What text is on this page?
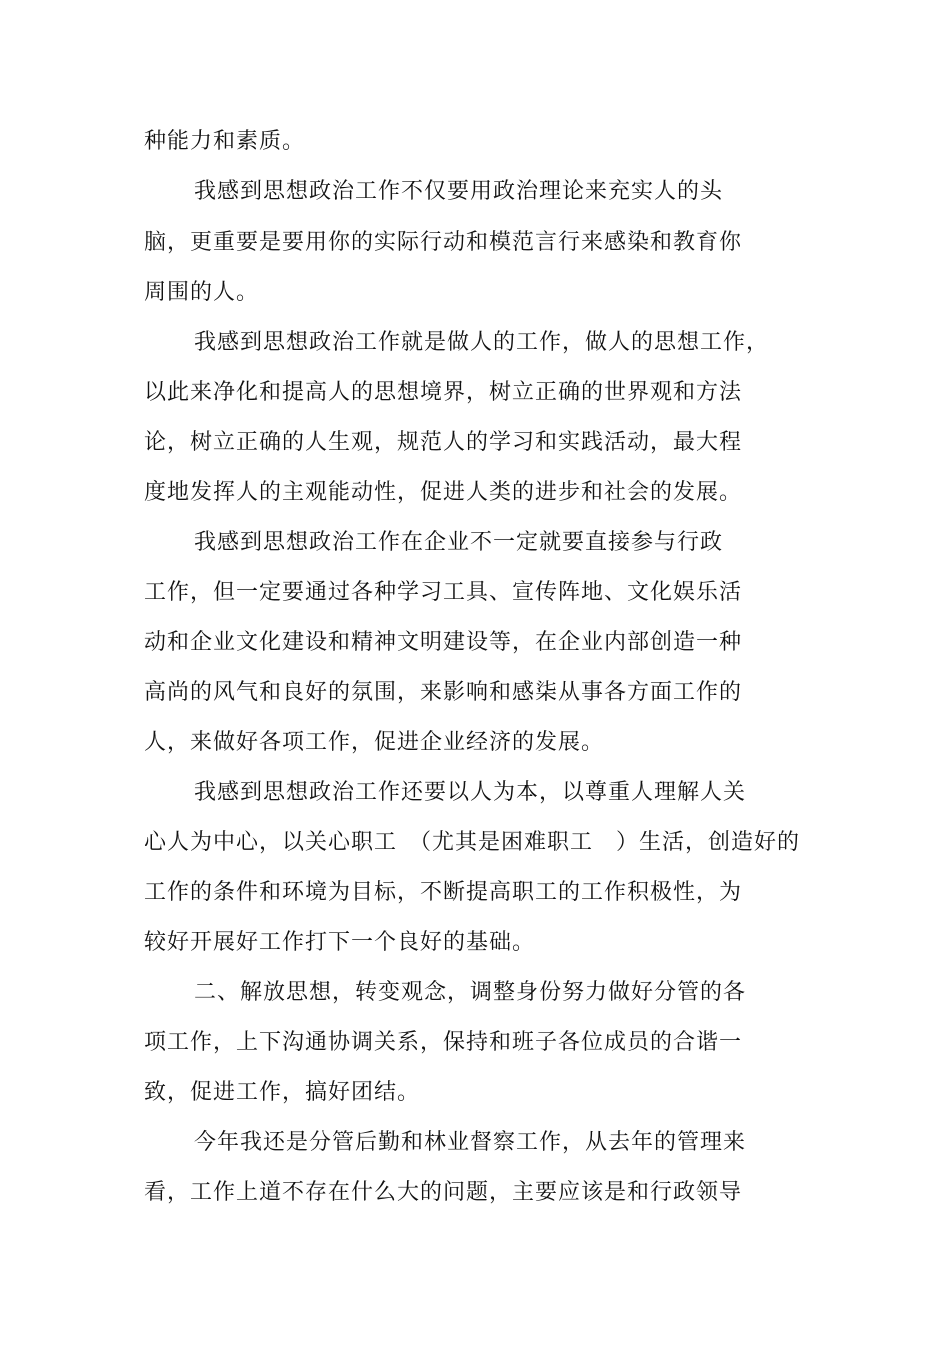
种能力和素质。
我感到思想政治工作不仅要用政治理论来充实人的头
脑，更重要是要用你的实际行动和模范言行来感染和教育你
周围的人。
我感到思想政治工作就是做人的工作，做人的思想工作，
以此来净化和提高人的思想境界，树立正确的世界观和方法
论，树立正确的人生观，规范人的学习和实践活动，最大程
度地发挥人的主观能动性，促进人类的进步和社会的发展。
我感到思想政治工作在企业不一定就要直接参与行政
工作，但一定要通过各种学习工具、宣传阵地、文化娱乐活
动和企业文化建设和精神文明建设等，在企业内部创造一种
高尚的风气和良好的氛围，来影响和感柒从事各方面工作的
人，来做好各项工作，促进企业经济的发展。
我感到思想政治工作还要以人为本，以尊重人理解人关
心人为中心，以关心职工　（尤其是困难职工　）生活，创造好的
工作的条件和环境为目标，不断提高职工的工作积极性，为
较好开展好工作打下一个良好的基础。
二、解放思想，转变观念，调整身份努力做好分管的各
项工作，上下沟通协调关系，保持和班子各位成员的合谐一
致，促进工作，搞好团结。
今年我还是分管后勤和林业督察工作，从去年的管理来
看，工作上道不存在什么大的问题，主要应该是和行政领导
